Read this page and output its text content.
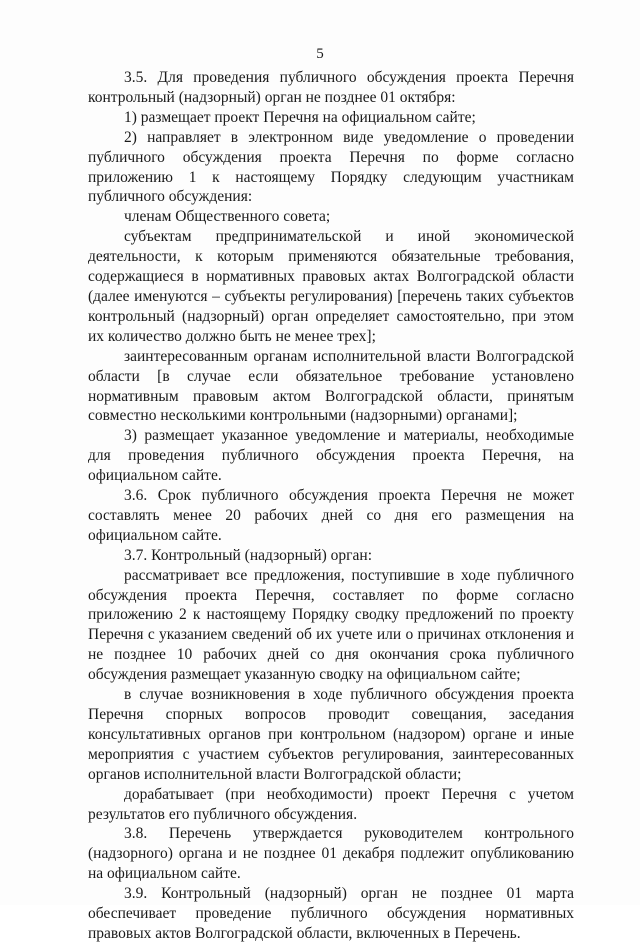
5

3.5. Для проведения публичного обсуждения проекта Перечня контрольный (надзорный) орган не позднее 01 октября:

1) размещает проект Перечня на официальном сайте;

2) направляет в электронном виде уведомление о проведении публичного обсуждения проекта Перечня по форме согласно приложению 1 к настоящему Порядку следующим участникам публичного обсуждения:

членам Общественного совета;

субъектам предпринимательской и иной экономической деятельности, к которым применяются обязательные требования, содержащиеся в нормативных правовых актах Волгоградской области (далее именуются – субъекты регулирования) [перечень таких субъектов контрольный (надзорный) орган определяет самостоятельно, при этом их количество должно быть не менее трех];

заинтересованным органам исполнительной власти Волгоградской области [в случае если обязательное требование установлено нормативным правовым актом Волгоградской области, принятым совместно несколькими контрольными (надзорными) органами];

3) размещает указанное уведомление и материалы, необходимые для проведения публичного обсуждения проекта Перечня, на официальном сайте.

3.6. Срок публичного обсуждения проекта Перечня не может составлять менее 20 рабочих дней со дня его размещения на официальном сайте.

3.7. Контрольный (надзорный) орган:

рассматривает все предложения, поступившие в ходе публичного обсуждения проекта Перечня, составляет по форме согласно приложению 2 к настоящему Порядку сводку предложений по проекту Перечня с указанием сведений об их учете или о причинах отклонения и не позднее 10 рабочих дней со дня окончания срока публичного обсуждения размещает указанную сводку на официальном сайте;

в случае возникновения в ходе публичного обсуждения проекта Перечня спорных вопросов проводит совещания, заседания консультативных органов при контрольном (надзором) органе и иные мероприятия с участием субъектов регулирования, заинтересованных органов исполнительной власти Волгоградской области;

дорабатывает (при необходимости) проект Перечня с учетом результатов его публичного обсуждения.

3.8. Перечень утверждается руководителем контрольного (надзорного) органа и не позднее 01 декабря подлежит опубликованию на официальном сайте.

3.9. Контрольный (надзорный) орган не позднее 01 марта обеспечивает проведение публичного обсуждения нормативных правовых актов Волгоградской области, включенных в Перечень.
